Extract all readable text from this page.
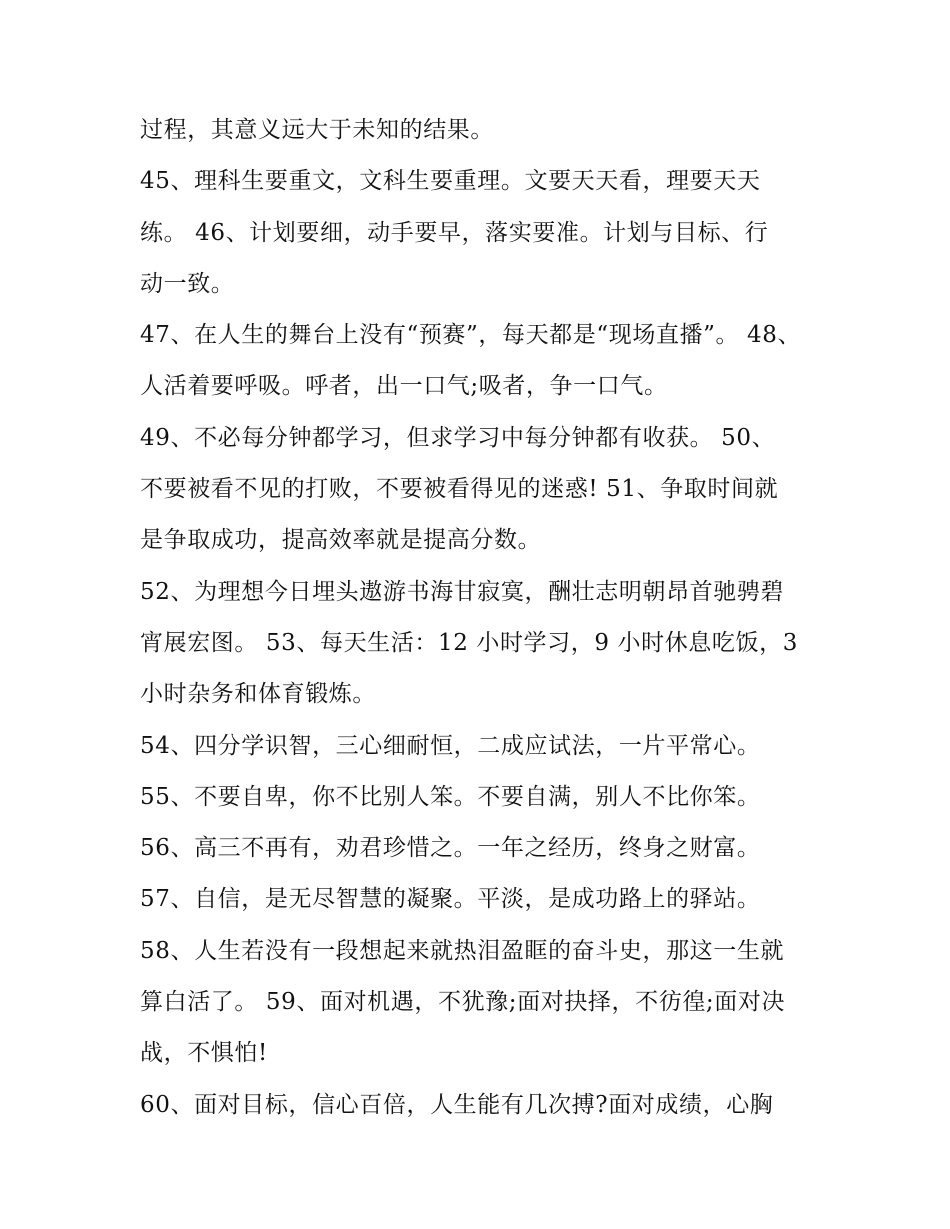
过程，其意义远大于未知的结果。
45、理科生要重文，文科生要重理。文要天天看，理要天天
练。 46、计划要细，动手要早，落实要准。计划与目标、行
动一致。
47、在人生的舞台上没有“预赛”，每天都是“现场直播”。 48、
人活着要呼吸。呼者，出一口气;吸者，争一口气。
49、不必每分钟都学习，但求学习中每分钟都有收获。 50、
不要被看不见的打败，不要被看得见的迷惑! 51、争取时间就
是争取成功，提高效率就是提高分数。
52、为理想今日埋头遨游书海甘寂寞，酬壮志明朝昂首驰骋碧
宵展宏图。 53、每天生活：12 小时学习，9 小时休息吃饭，3
小时杂务和体育锻炼。
54、四分学识智，三心细耐恒，二成应试法，一片平常心。
55、不要自卑，你不比别人笨。不要自满，别人不比你笨。
56、高三不再有，劝君珍惜之。一年之经历，终身之财富。
57、自信，是无尽智慧的凝聚。平淡，是成功路上的驿站。
58、人生若没有一段想起来就热泪盈眶的奋斗史，那这一生就
算白活了。 59、面对机遇，不犹豫;面对抉择，不彷徨;面对决
战，不惧怕!
60、面对目标，信心百倍，人生能有几次搏?面对成绩，心胸
